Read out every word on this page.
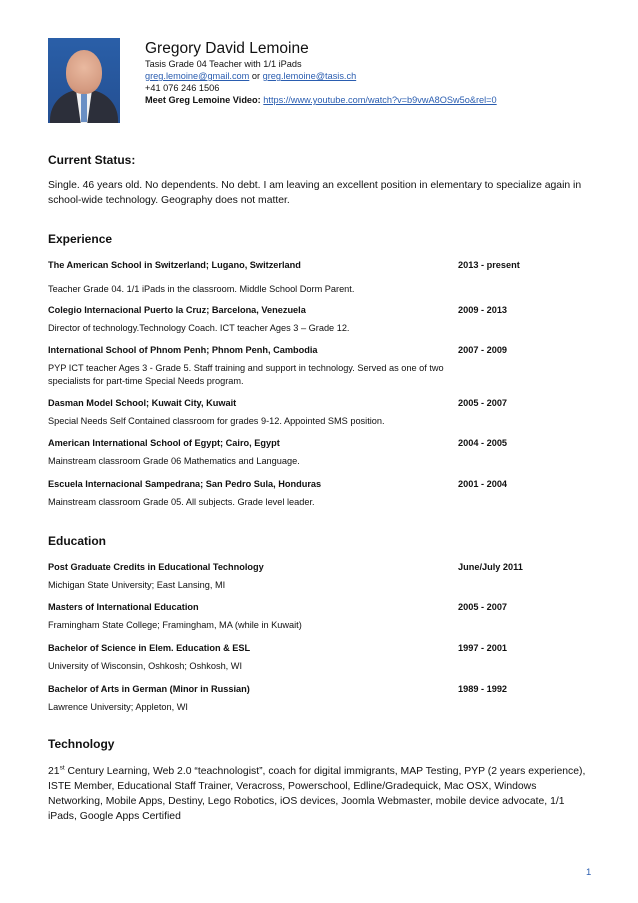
Gregory David Lemoine
Tasis Grade 04 Teacher with 1/1 iPads
greg.lemoine@gmail.com or greg.lemoine@tasis.ch
+41 076 246 1506
Meet Greg Lemoine Video: https://www.youtube.com/watch?v=b9vwA8OSw5o&rel=0
Current Status:
Single. 46 years old. No dependents. No debt. I am leaving an excellent position in elementary to specialize again in school-wide technology. Geography does not matter.
Experience
The American School in Switzerland; Lugano, Switzerland	2013 - present
Teacher Grade 04. 1/1 iPads in the classroom. Middle School Dorm Parent.
Colegio Internacional Puerto la Cruz; Barcelona, Venezuela	2009 - 2013
Director of technology.Technology Coach. ICT teacher Ages 3 – Grade 12.
International School of Phnom Penh; Phnom Penh, Cambodia	2007 - 2009
PYP ICT teacher Ages 3 - Grade 5. Staff training and support in technology. Served as one of two specialists for part-time Special Needs program.
Dasman Model School; Kuwait City, Kuwait	2005 - 2007
Special Needs Self Contained classroom for grades 9-12. Appointed SMS position.
American International School of Egypt; Cairo, Egypt	2004 - 2005
Mainstream classroom Grade 06 Mathematics and Language.
Escuela Internacional Sampedrana; San Pedro Sula, Honduras	2001 - 2004
Mainstream classroom Grade 05. All subjects. Grade level leader.
Education
Post Graduate Credits in Educational Technology	June/July 2011
Michigan State University; East Lansing, MI
Masters of International Education	2005 - 2007
Framingham State College; Framingham, MA (while in Kuwait)
Bachelor of Science in Elem. Education & ESL	1997 - 2001
University of Wisconsin, Oshkosh; Oshkosh, WI
Bachelor of Arts in German (Minor in Russian)	1989 - 1992
Lawrence University; Appleton, WI
Technology
21st Century Learning, Web 2.0 “teachnologist”, coach for digital immigrants, MAP Testing, PYP (2 years experience), ISTE Member, Educational Staff Trainer, Veracross, Powerschool, Edline/Gradequick, Mac OSX, Windows Networking, Mobile Apps, Destiny, Lego Robotics, iOS devices, Joomla Webmaster, mobile device advocate, 1/1 iPads, Google Apps Certified
1
